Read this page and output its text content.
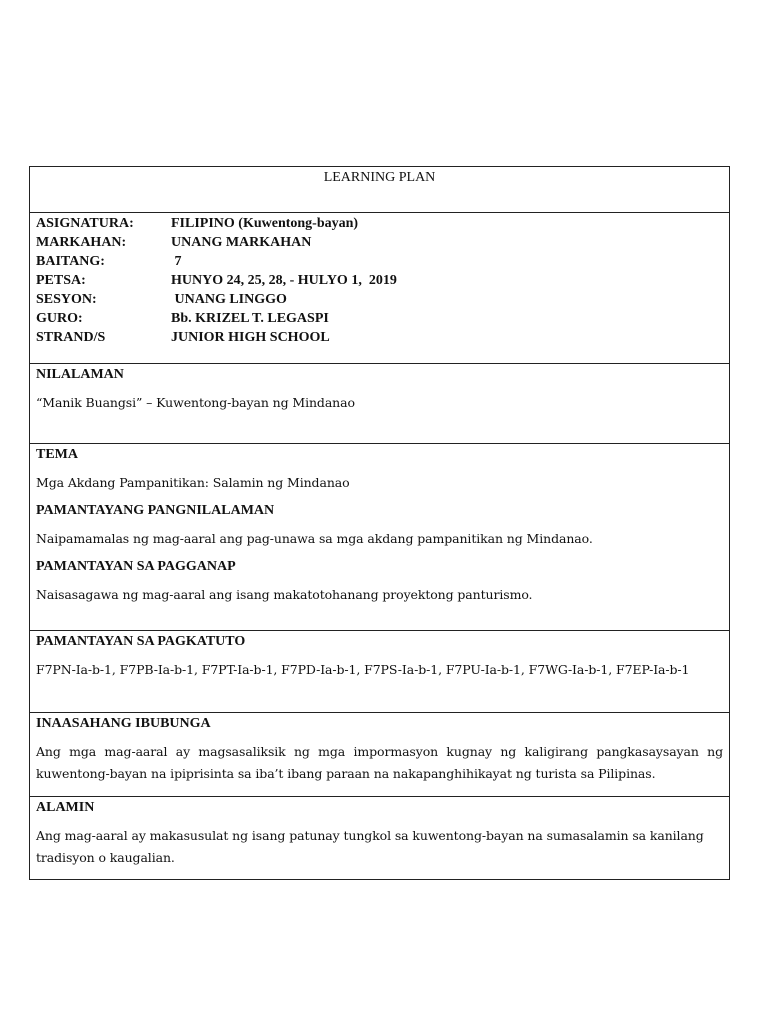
LEARNING PLAN
ASIGNATURA:	FILIPINO (Kuwentong-bayan)
MARKAHAN:	UNANG MARKAHAN
BAITANG:	7
PETSA:	HUNYO 24, 25, 28, - HULYO 1,  2019
SESYON:	UNANG LINGGO
GURO:	Bb. KRIZEL T. LEGASPI
STRAND/S	JUNIOR HIGH SCHOOL
NILALAMAN
“Manik Buangsi” – Kuwentong-bayan ng Mindanao
TEMA
Mga Akdang Pampanitikan: Salamin ng Mindanao
PAMANTAYANG PANGNILALAMAN
Naipamamalas ng mag-aaral ang pag-unawa sa mga akdang pampanitikan ng Mindanao.
PAMANTAYAN SA PAGGANAP
Naisasagawa ng mag-aaral ang isang makatotohanang proyektong panturismo.
PAMANTAYAN SA PAGKATUTO
F7PN-Ia-b-1, F7PB-Ia-b-1, F7PT-Ia-b-1, F7PD-Ia-b-1, F7PS-Ia-b-1, F7PU-Ia-b-1, F7WG-Ia-b-1, F7EP-Ia-b-1
INAASAHANG IBUBUNGA
Ang mga mag-aaral ay magsasaliksik ng mga impormasyon kugnay ng kaligirang pangkasaysayan ng kuwentong-bayan na ipiprisinta sa iba’t ibang paraan na nakapanghihikayat ng turista sa Pilipinas.
ALAMIN
Ang mag-aaral ay makasusulat ng isang patunay tungkol sa kuwentong-bayan na sumasalamin sa kanilang tradisyon o kaugalian.
